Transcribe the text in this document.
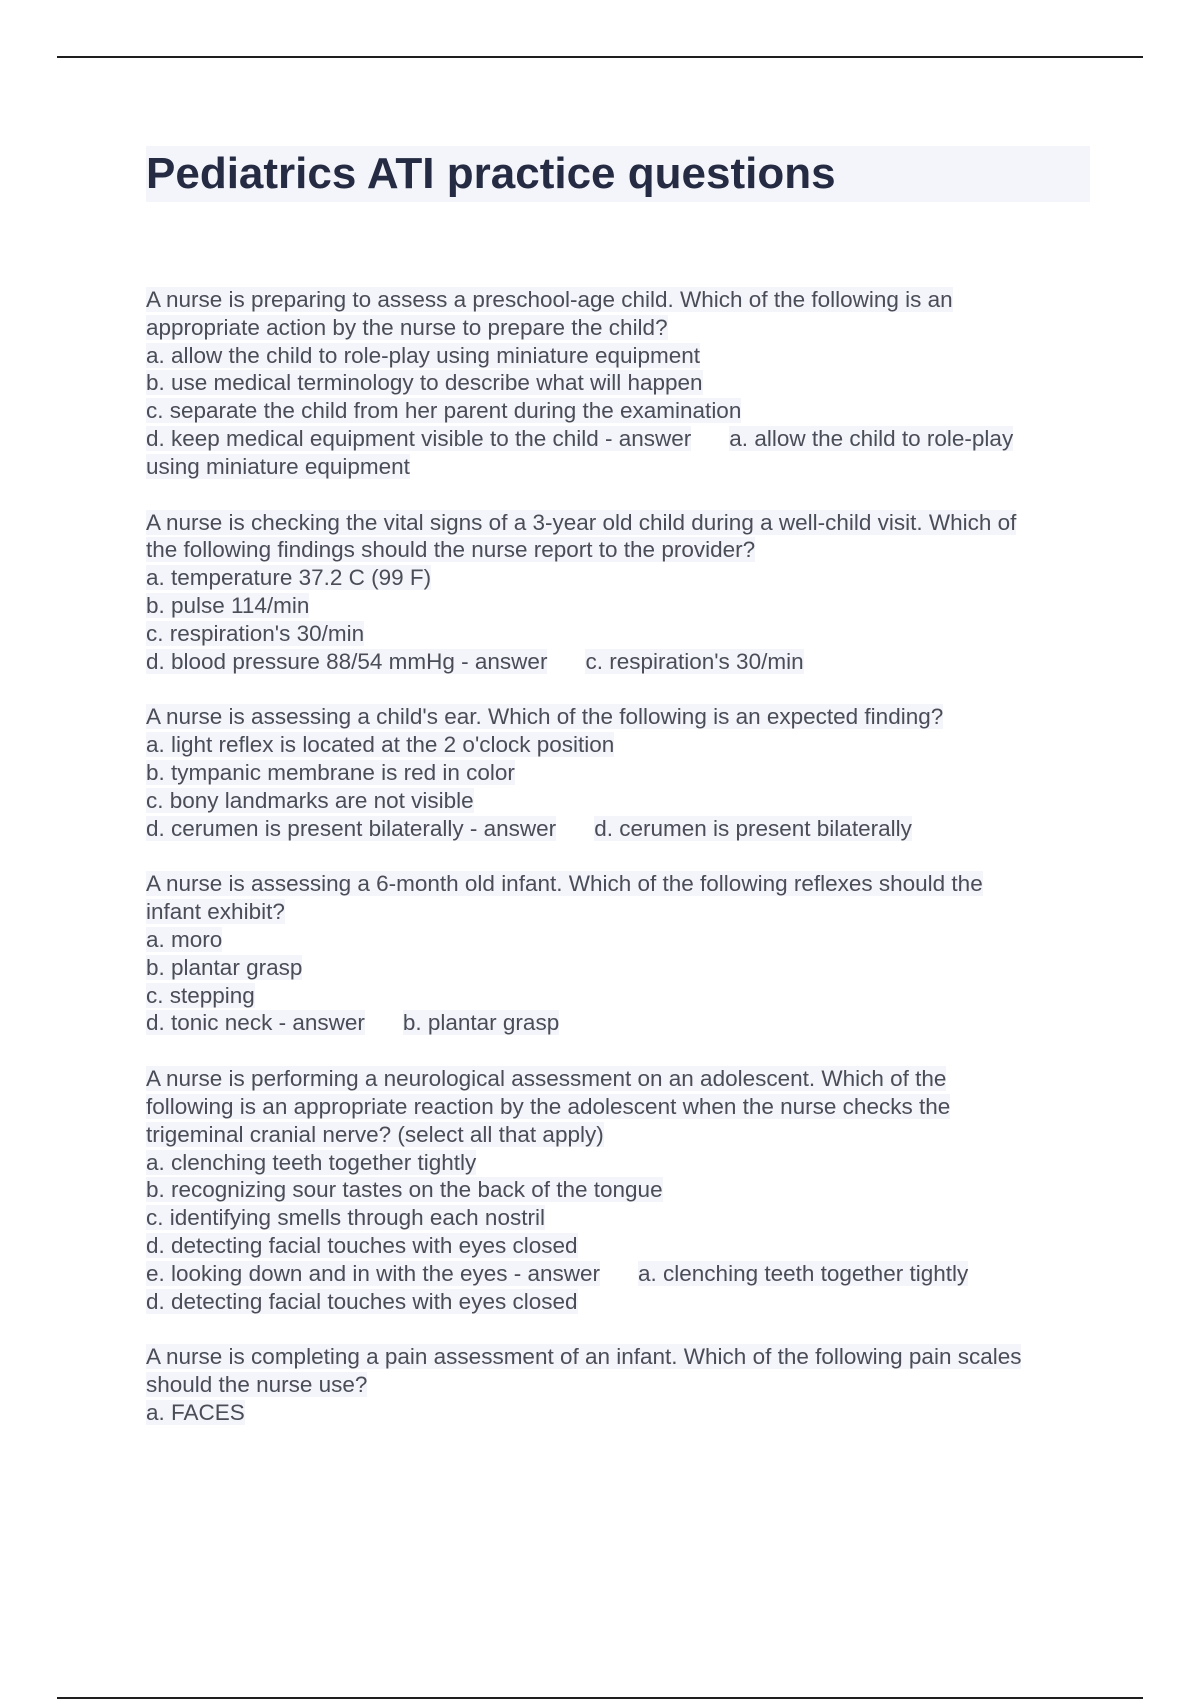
Pediatrics ATI practice questions
A nurse is preparing to assess a preschool-age child. Which of the following is an
appropriate action by the nurse to prepare the child?
a. allow the child to role-play using miniature equipment
b. use medical terminology to describe what will happen
c. separate the child from her parent during the examination
d. keep medical equipment visible to the child - answer a. allow the child to role-play
using miniature equipment
A nurse is checking the vital signs of a 3-year old child during a well-child visit. Which of
the following findings should the nurse report to the provider?
a. temperature 37.2 C (99 F)
b. pulse 114/min
c. respiration's 30/min
d. blood pressure 88/54 mmHg - answer c. respiration's 30/min
A nurse is assessing a child's ear. Which of the following is an expected finding?
a. light reflex is located at the 2 o'clock position
b. tympanic membrane is red in color
c. bony landmarks are not visible
d. cerumen is present bilaterally - answer d. cerumen is present bilaterally
A nurse is assessing a 6-month old infant. Which of the following reflexes should the
infant exhibit?
a. moro
b. plantar grasp
c. stepping
d. tonic neck - answer b. plantar grasp
A nurse is performing a neurological assessment on an adolescent. Which of the
following is an appropriate reaction by the adolescent when the nurse checks the
trigeminal cranial nerve? (select all that apply)
a. clenching teeth together tightly
b. recognizing sour tastes on the back of the tongue
c. identifying smells through each nostril
d. detecting facial touches with eyes closed
e. looking down and in with the eyes - answer a. clenching teeth together tightly
d. detecting facial touches with eyes closed
A nurse is completing a pain assessment of an infant. Which of the following pain scales
should the nurse use?
a. FACES
